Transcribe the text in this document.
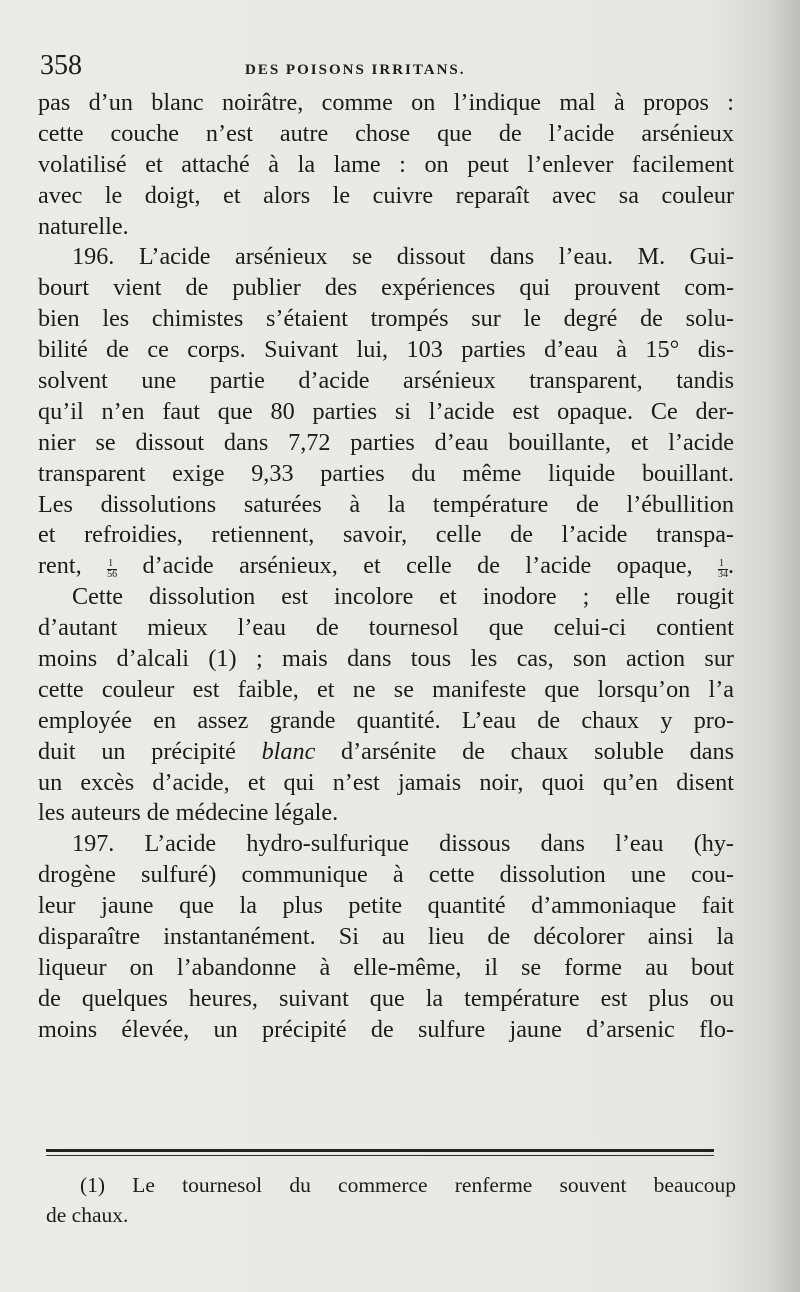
358	DES POISONS IRRITANS.
pas d’un blanc noirâtre, comme on l’indique mal à propos :
cette couche n’est autre chose que de l’acide arsénieux
volatilisé et attaché à la lame : on peut l’enlever facilement
avec le doigt, et alors le cuivre reparaît avec sa couleur
naturelle.
196. L’acide arsénieux se dissout dans l’eau. M. Gui-
bourt vient de publier des expériences qui prouvent com-
bien les chimistes s’étaient trompés sur le degré de solu-
bilité de ce corps. Suivant lui, 103 parties d’eau à 15° dis-
solvent une partie d’acide arsénieux transparent, tandis
qu’il n’en faut que 80 parties si l’acide est opaque. Ce der-
nier se dissout dans 7,72 parties d’eau bouillante, et l’acide
transparent exige 9,33 parties du même liquide bouillant.
Les dissolutions saturées à la température de l’ébullition
et refroidies, retiennent, savoir, celle de l’acide transpa-
rent,	$\frac{1}{56}$ d’acide arsénieux, et celle de l’acide opaque,	$\frac{1}{34}$ .
Cette dissolution est incolore et inodore ; elle rougit
d’autant mieux l’eau de tournesol que celui-ci contient
moins d’alcali (1) ; mais dans tous les cas, son action sur
cette couleur est faible, et ne se manifeste que lorsqu’on l’a
employée en assez grande quantité. L’eau de chaux y pro-
duit un précipité blanc d’arsénite de chaux soluble dans
un excès d’acide, et qui n’est jamais noir, quoi qu’en disent
les auteurs de médecine légale.
197. L’acide hydro-sulfurique dissous dans l’eau (hy-
drogène sulfuré) communique à cette dissolution une cou-
leur jaune que la plus petite quantité d’ammoniaque fait
disparaître instantanément. Si au lieu de décolorer ainsi la
liqueur on l’abandonne à elle-même, il se forme au bout
de quelques heures, suivant que la température est plus ou
moins élevée, un précipité de sulfure jaune d’arsenic flo-
(1) Le tournesol du commerce renferme souvent beaucoup
de chaux.
